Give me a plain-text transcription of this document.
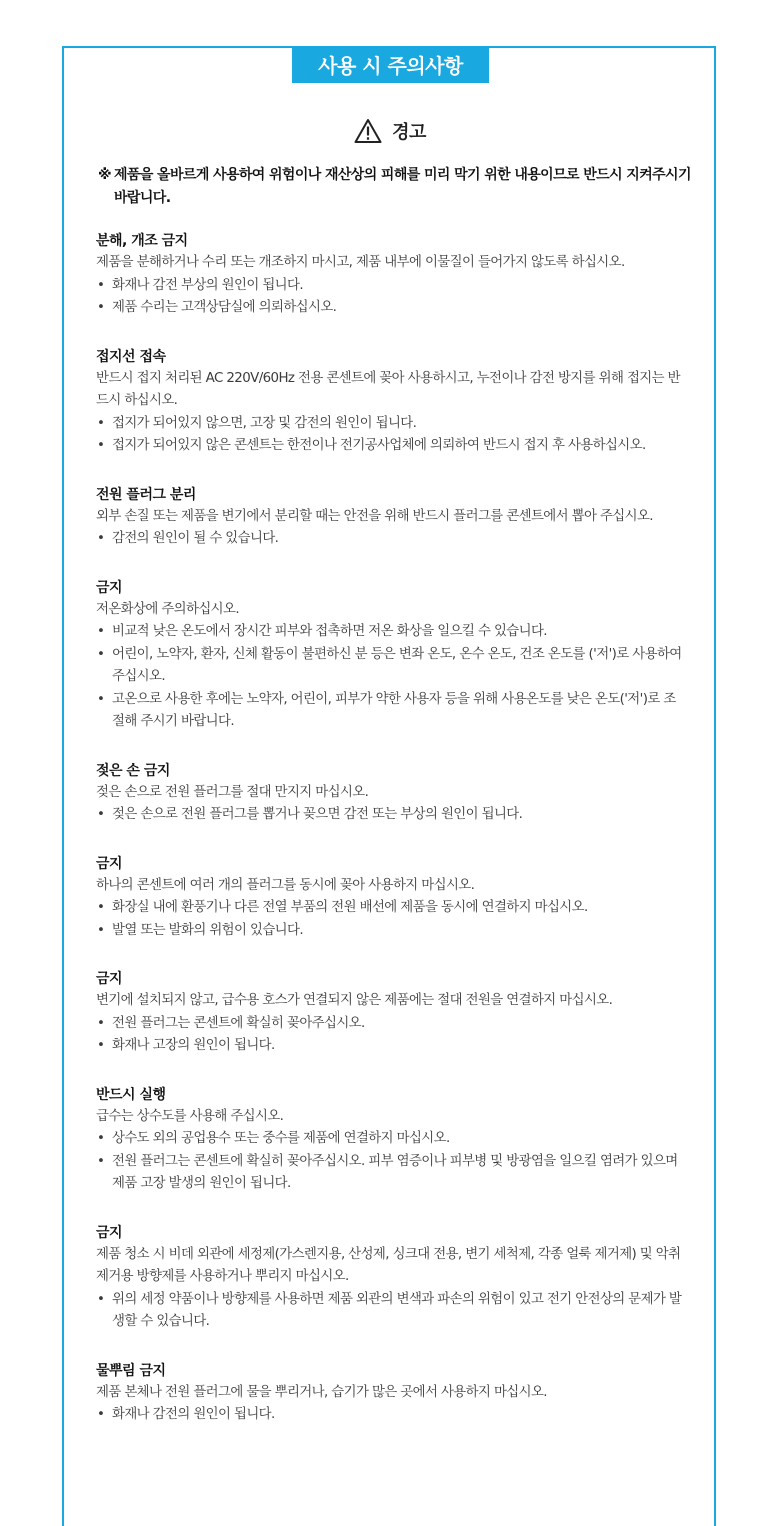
사용 시 주의사항
경고
※ 제품을 올바르게 사용하여 위험이나 재산상의 피해를 미리 막기 위한 내용이므로 반드시 지켜주시기 바랍니다.
분해, 개조 금지

제품을 분해하거나 수리 또는 개조하지 마시고, 제품 내부에 이물질이 들어가지 않도록 하십시오.

• 화재나 감전 부상의 원인이 됩니다.
• 제품 수리는 고객상담실에 의뢰하십시오.
접지선 접속

반드시 접지 처리된 AC 220V/60Hz 전용 콘센트에 꽂아 사용하시고, 누전이나 감전 방지를 위해 접지는 반드시 하십시오.

• 접지가 되어있지 않으면, 고장 및 감전의 원인이 됩니다.
• 접지가 되어있지 않은 콘센트는 한전이나 전기공사업체에 의뢰하여 반드시 접지 후 사용하십시오.
전원 플러그 분리

외부 손질 또는 제품을 변기에서 분리할 때는 안전을 위해 반드시 플러그를 콘센트에서 뽑아 주십시오.

• 감전의 원인이 될 수 있습니다.
금지

저온화상에 주의하십시오.

• 비교적 낮은 온도에서 장시간 피부와 접촉하면 저온 화상을 일으킬 수 있습니다.
• 어린이, 노약자, 환자, 신체 활동이 불편하신 분 등은 변좌 온도, 온수 온도, 건조 온도를 ('저')로 사용하여 주십시오.
• 고온으로 사용한 후에는 노약자, 어린이, 피부가 약한 사용자 등을 위해 사용온도를 낮은 온도('저')로 조절해 주시기 바랍니다.
젖은 손 금지

젖은 손으로 전원 플러그를 절대 만지지 마십시오.

• 젖은 손으로 전원 플러그를 뽑거나 꽂으면 감전 또는 부상의 원인이 됩니다.
금지

하나의 콘센트에 여러 개의 플러그를 동시에 꽂아 사용하지 마십시오.

• 화장실 내에 환풍기나 다른 전열 부품의 전원 배선에 제품을 동시에 연결하지 마십시오.
• 발열 또는 발화의 위험이 있습니다.
금지

변기에 설치되지 않고, 급수용 호스가 연결되지 않은 제품에는 절대 전원을 연결하지 마십시오.

• 전원 플러그는 콘센트에 확실히 꽂아주십시오.
• 화재나 고장의 원인이 됩니다.
반드시 실행

급수는 상수도를 사용해 주십시오.

• 상수도 외의 공업용수 또는 중수를 제품에 연결하지 마십시오.
• 전원 플러그는 콘센트에 확실히 꽂아주십시오. 피부 염증이나 피부병 및 방광염을 일으킬 염려가 있으며 제품 고장 발생의 원인이 됩니다.
금지

제품 청소 시 비데 외관에 세정제(가스렌지용, 산성제, 싱크대 전용, 변기 세척제, 각종 얼룩 제거제) 및 악취 제거용 방향제를 사용하거나 뿌리지 마십시오.

• 위의 세정 약품이나 방향제를 사용하면 제품 외관의 변색과 파손의 위험이 있고 전기 안전상의 문제가 발생할 수 있습니다.
물뿌림 금지

제품 본체나 전원 플러그에 물을 뿌리거나, 습기가 많은 곳에서 사용하지 마십시오.

• 화재나 감전의 원인이 됩니다.
